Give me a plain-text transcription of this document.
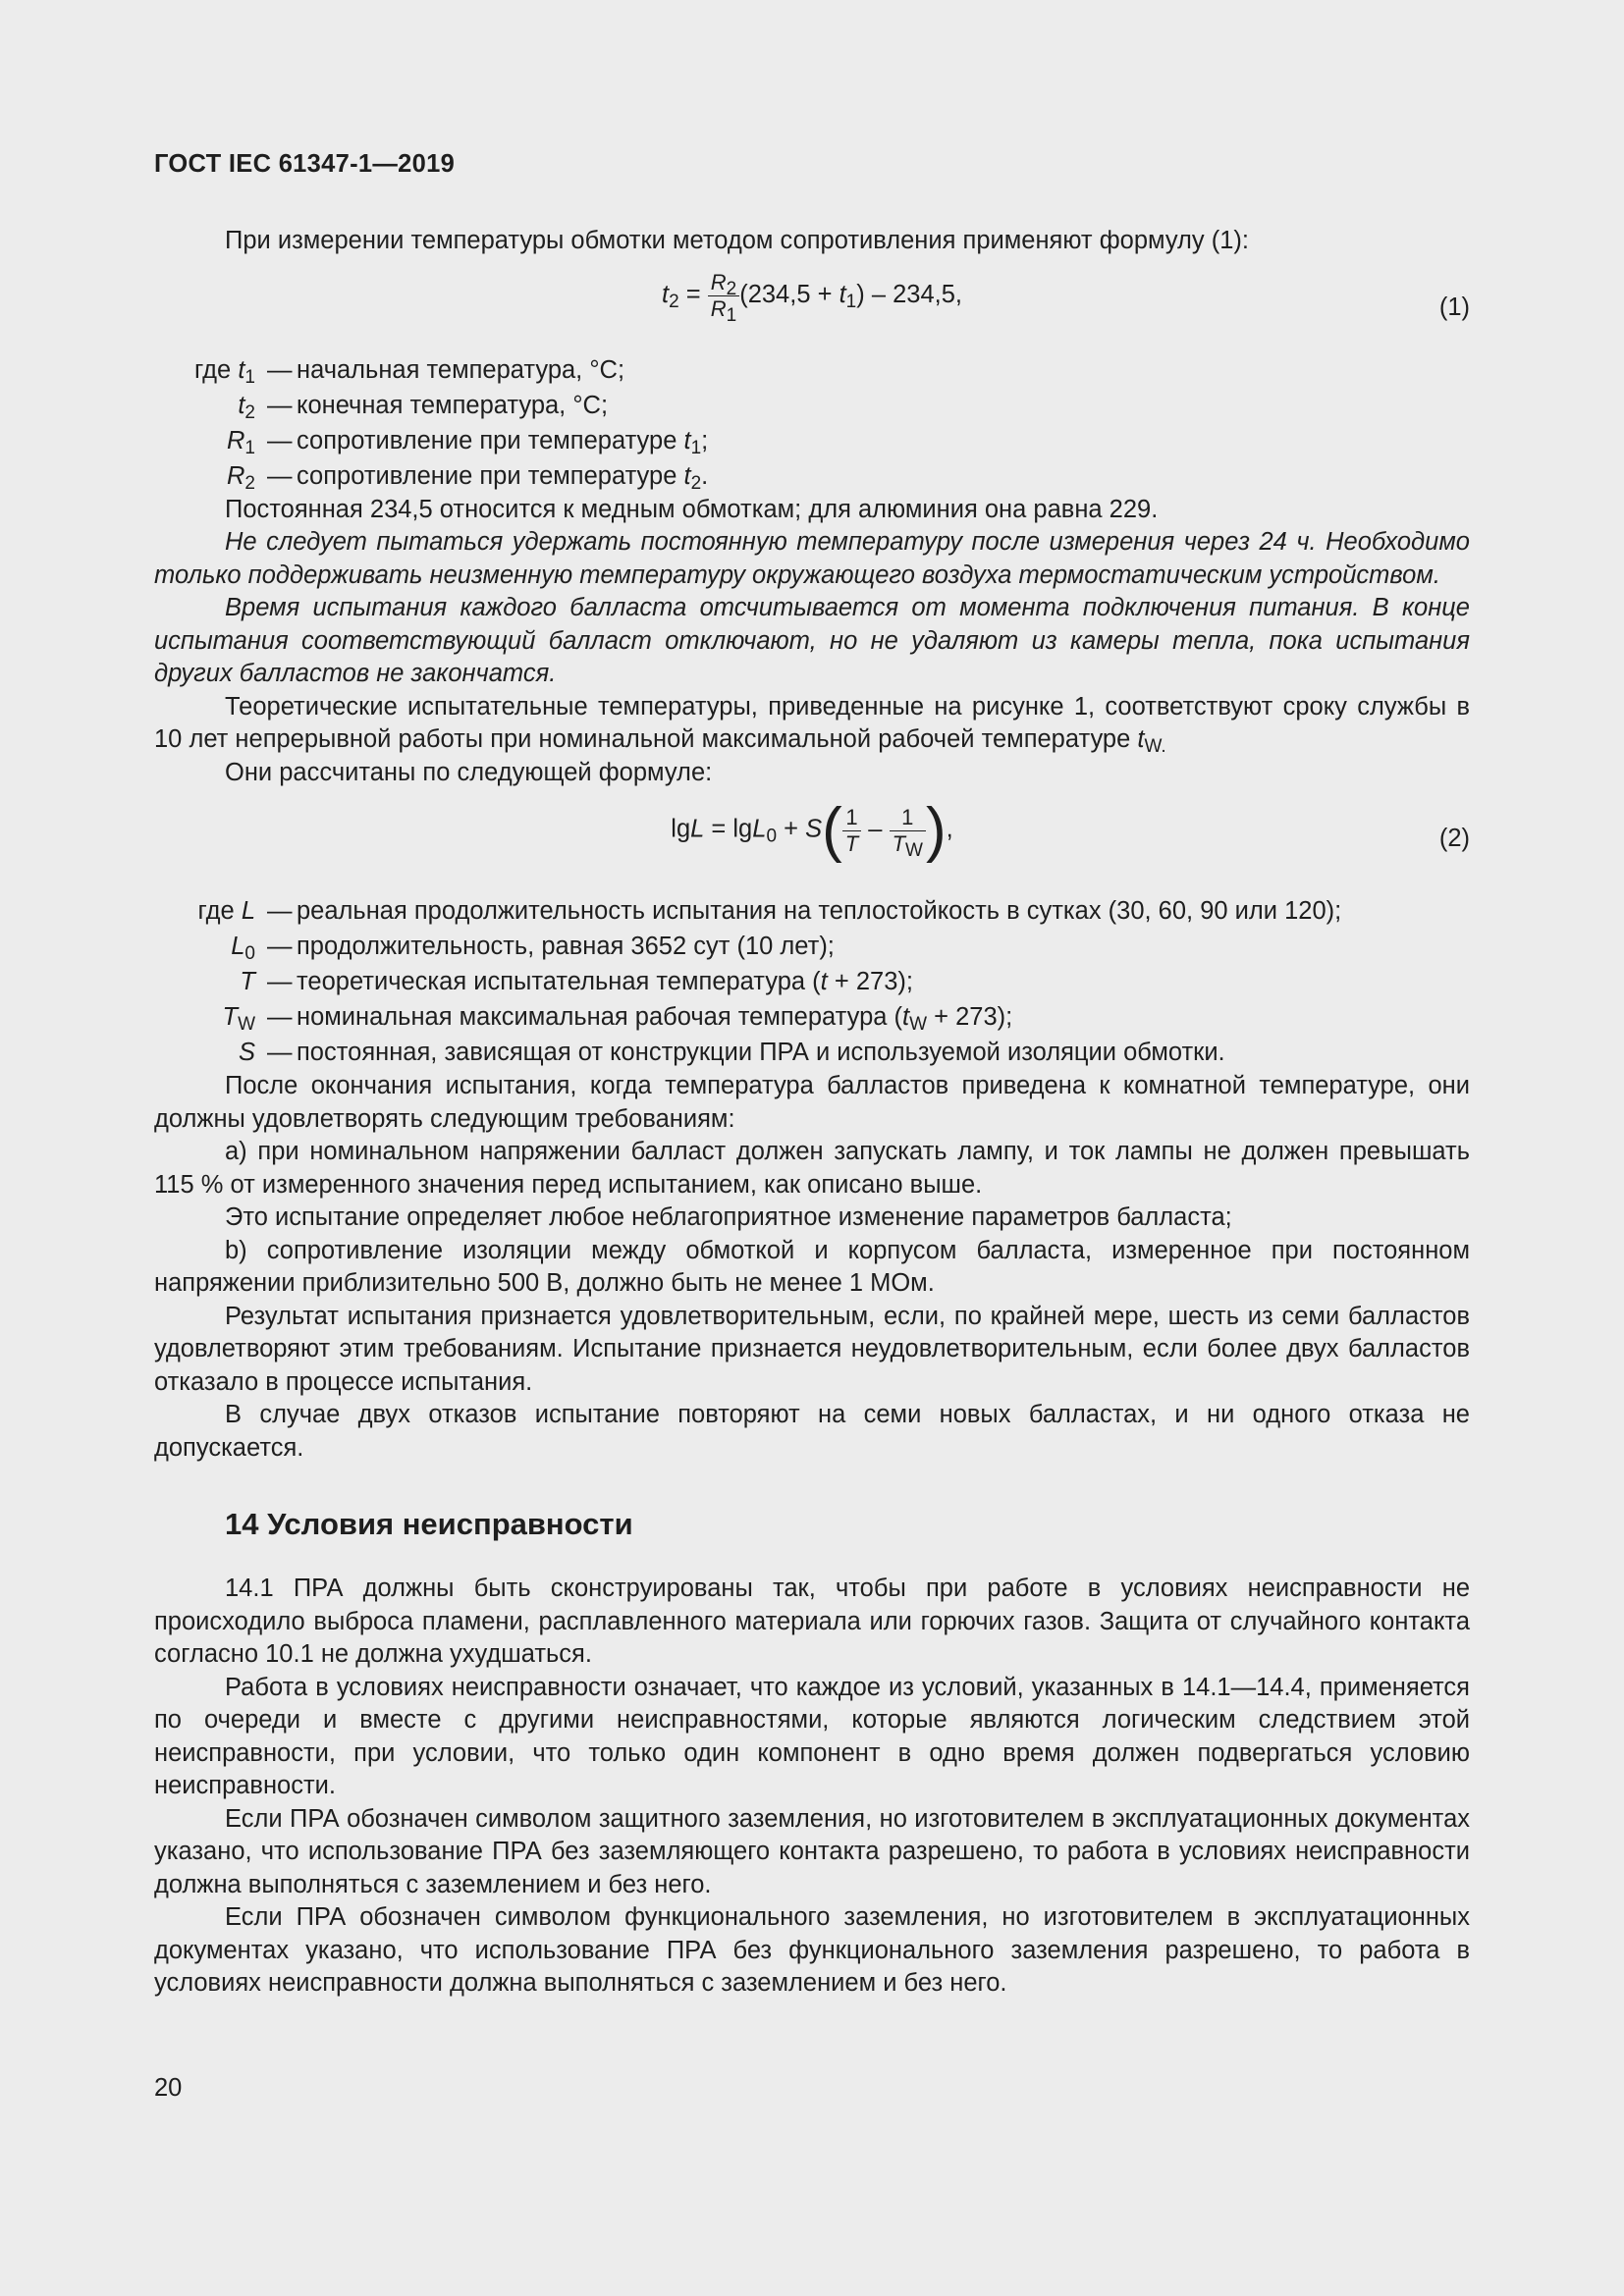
ГОСТ IEC 61347-1—2019

При измерении температуры обмотки методом сопротивления применяют формулу (1):

$t_2 = \frac{R_2}{R_1} (234,5 + t_1) - 234,5$,	(1)
где $t_1$ — начальная температура, °С;
$t_2$ — конечная температура, °С;
$R_1$ — сопротивление при температуре $t_1$;
$R_2$ — сопротивление при температуре $t_2$.

Постоянная 234,5 относится к медным обмоткам; для алюминия она равна 229.

Не следует пытаться удержать постоянную температуру после измерения через 24 ч. Необходимо только поддерживать неизменную температуру окружающего воздуха термостатическим устройством.

Время испытания каждого балласта отсчитывается от момента подключения питания. В конце испытания соответствующий балласт отключают, но не удаляют из камеры тепла, пока испытания других балластов не закончатся.

Теоретические испытательные температуры, приведенные на рисунке 1, соответствуют сроку службы в 10 лет непрерывной работы при номинальной максимальной рабочей температуре $t_{W.}$

Они рассчитаны по следующей формуле:

$\lg L = \lg L_0 + S( \frac{1}{T} - \frac{1}{T_W}$ ),	(2)
где L — реальная продолжительность испытания на теплостойкость в сутках (30, 60, 90 или 120);
$L_0$ — продолжительность, равная 3652 сут (10 лет);
T — теоретическая испытательная температура (t + 273);
$T_W$ — номинальная максимальная рабочая температура $(t_W + 273)$;
S — постоянная, зависящая от конструкции ПРА и используемой изоляции обмотки.

После окончания испытания, когда температура балластов приведена к комнатной температуре, они должны удовлетворять следующим требованиям:

а) при номинальном напряжении балласт должен запускать лампу, и ток лампы не должен превышать 115 % от измеренного значения перед испытанием, как описано выше.

Это испытание определяет любое неблагоприятное изменение параметров балласта;

b) сопротивление изоляции между обмоткой и корпусом балласта, измеренное при постоянном напряжении приблизительно 500 В, должно быть не менее 1 МОм.

Результат испытания признается удовлетворительным, если, по крайней мере, шесть из семи балластов удовлетворяют этим требованиям. Испытание признается неудовлетворительным, если более двух балластов отказало в процессе испытания.

В случае двух отказов испытание повторяют на семи новых балластах, и ни одного отказа не допускается.

14 Условия неисправности

14.1 ПРА должны быть сконструированы так, чтобы при работе в условиях неисправности не происходило выброса пламени, расплавленного материала или горючих газов. Защита от случайного контакта согласно 10.1 не должна ухудшаться.

Работа в условиях неисправности означает, что каждое из условий, указанных в 14.1—14.4, применяется по очереди и вместе с другими неисправностями, которые являются логическим следствием этой неисправности, при условии, что только один компонент в одно время должен подвергаться условию неисправности.

Если ПРА обозначен символом защитного заземления, но изготовителем в эксплуатационных документах указано, что использование ПРА без заземляющего контакта разрешено, то работа в условиях неисправности должна выполняться с заземлением и без него.

Если ПРА обозначен символом функционального заземления, но изготовителем в эксплуатационных документах указано, что использование ПРА без функционального заземления разрешено, то работа в условиях неисправности должна выполняться с заземлением и без него.

20
